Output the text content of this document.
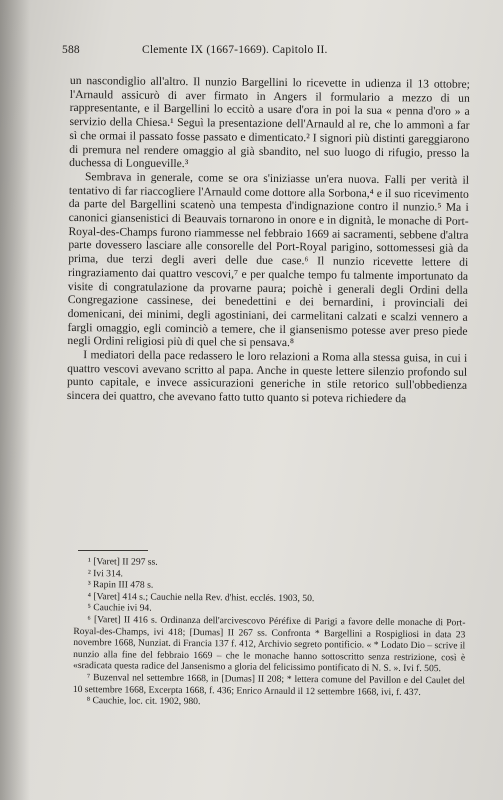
588	Clemente IX (1667-1669). Capitolo II.

un nascondiglio all'altro. Il nunzio Bargellini lo ricevette in udienza il 13 ottobre; l'Arnauld assicurò di aver firmato in Angers il formulario a mezzo di un rappresentante, e il Bargellini lo eccitò a usare d'ora in poi la sua « penna d'oro » a servizio della Chiesa.¹ Seguì la presentazione dell'Arnauld al re, che lo ammonì a far sì che ormai il passato fosse passato e dimenticato.² I signori più distinti gareggiarono di premura nel rendere omaggio al già sbandito, nel suo luogo di rifugio, presso la duchessa di Longueville.³

Sembrava in generale, come se ora s'iniziasse un'era nuova. Falli per verità il tentativo di far riaccogliere l'Arnauld come dottore alla Sorbona,⁴ e il suo ricevimento da parte del Bargellini scatenò una tempesta d'indignazione contro il nunzio.⁵ Ma i canonici giansenistici di Beauvais tornarono in onore e in dignità, le monache di Port-Royal-des-Champs furono riammesse nel febbraio 1669 ai sacramenti, sebbene d'altra parte dovessero lasciare alle consorelle del Port-Royal parigino, sottomessesi già da prima, due terzi degli averi delle due case.⁶ Il nunzio ricevette lettere di ringraziamento dai quattro vescovi,⁷ e per qualche tempo fu talmente importunato da visite di congratulazione da provarne paura; poichè i generali degli Ordini della Congregazione cassinese, dei benedettini e dei bernardini, i provinciali dei domenicani, dei minimi, degli agostiniani, dei carmelitani calzati e scalzi vennero a fargli omaggio, egli cominciò a temere, che il giansenismo potesse aver preso piede negli Ordini religiosi più di quel che si pensava.⁸

I mediatori della pace redassero le loro relazioni a Roma alla stessa guisa, in cui i quattro vescovi avevano scritto al papa. Anche in queste lettere silenzio profondo sul punto capitale, e invece assicurazioni generiche in stile retorico sull'obbedienza sincera dei quattro, che avevano fatto tutto quanto si poteva richiedere da

¹ [Varet] II 297 ss.

² Ivi 314.

³ Rapin III 478 s.

⁴ [Varet] 414 s.; Cauchie nella Rev. d'hist. ecclés. 1903, 50.

⁵ Cauchie ivi 94.

⁶ [Varet] II 416 s. Ordinanza dell'arcivescovo Péréfixe di Parigi a favore delle monache di Port-Royal-des-Champs, ivi 418; [Dumas] II 267 ss. Confronta * Bargellini a Rospigliosi in data 23 novembre 1668, Nunziat. di Francia 137 f. 412, Archivio segreto pontificio. « * Lodato Dio – scrive il nunzio alla fine del febbraio 1669 – che le monache hanno sottoscritto senza restrizione, così è «sradicata questa radice del Jansenismo a gloria del felicissimo pontificato di N. S. ». Ivi f. 505.

⁷ Buzenval nel settembre 1668, in [Dumas] II 208; * lettera comune del Pavillon e del Caulet del 10 settembre 1668, Excerpta 1668, f. 436; Enrico Arnauld il 12 settembre 1668, ivi, f. 437.

⁸ Cauchie, loc. cit. 1902, 980.
